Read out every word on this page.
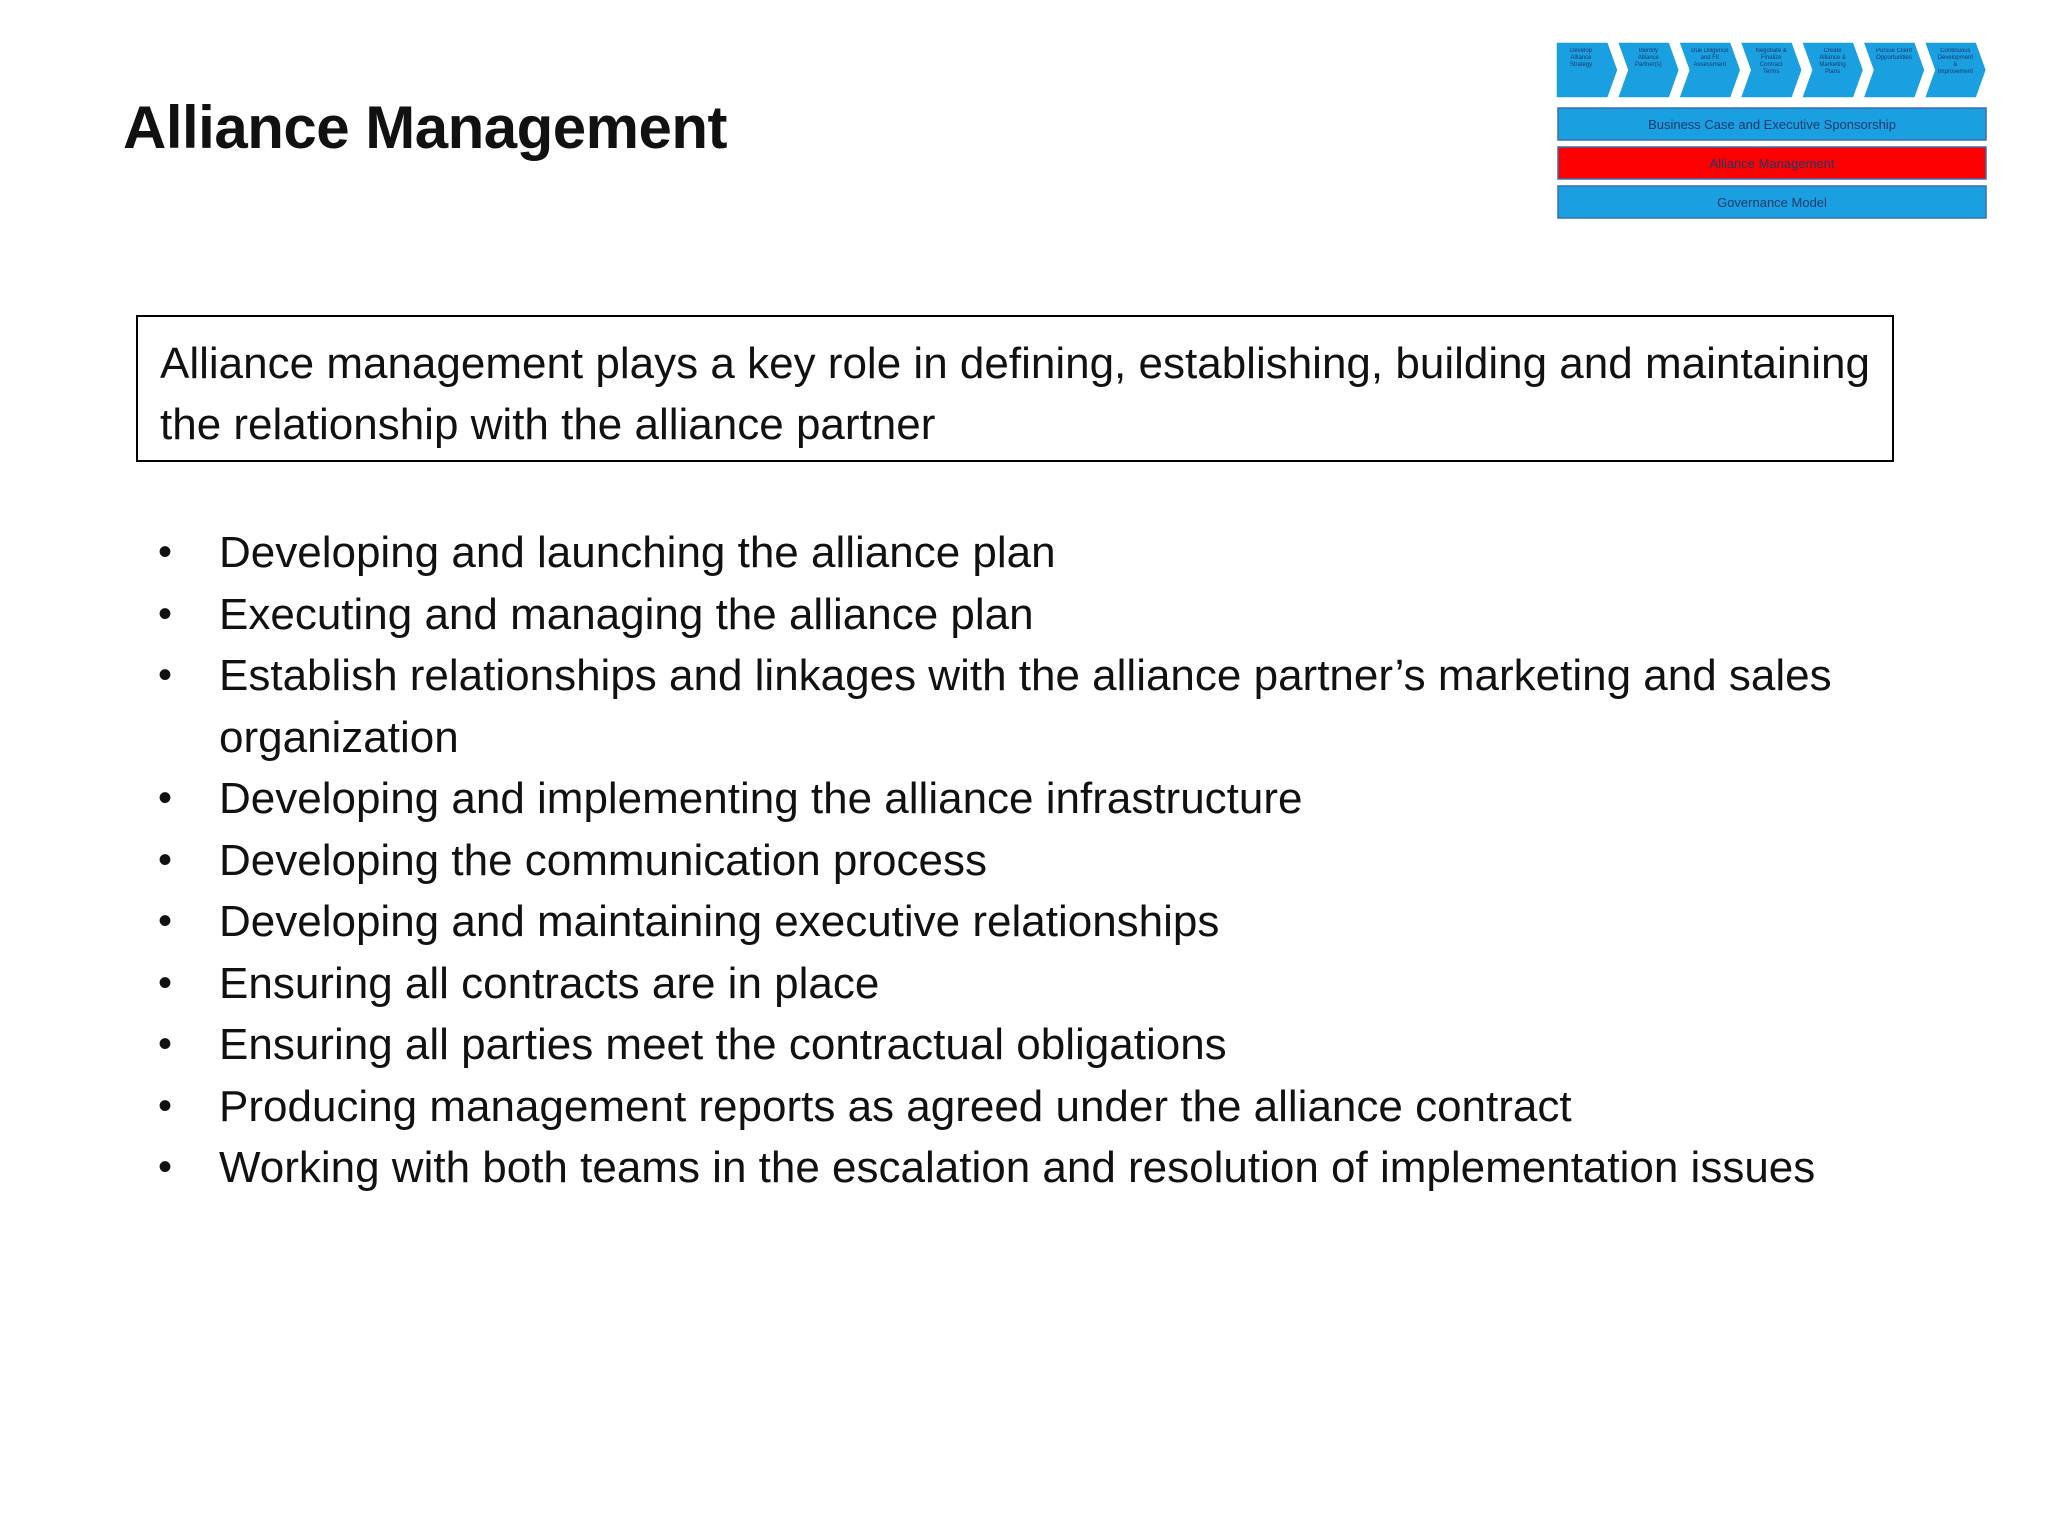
Alliance Management
Develop Alliance Strategy
Identify Alliance Partner(s)
Due Diligence and Fit Assessment
Negotiate & Finalize Contract Terms
Create Alliance & Marketing Plans
Pursue Client Opportunities
Continuous Development & Improvement
Business Case and Executive Sponsorship
Alliance Management
Governance Model
Alliance management plays a key role in defining, establishing, building and maintaining the relationship with the alliance partner
• Developing and launching the alliance plan
• Executing and managing the alliance plan
• Establish relationships and linkages with the alliance partner’s marketing and sales organization
• Developing and implementing the alliance infrastructure
• Developing the communication process
• Developing and maintaining executive relationships
• Ensuring all contracts are in place
• Ensuring all parties meet the contractual obligations
• Producing management reports as agreed under the alliance contract
• Working with both teams in the escalation and resolution of implementation issues
